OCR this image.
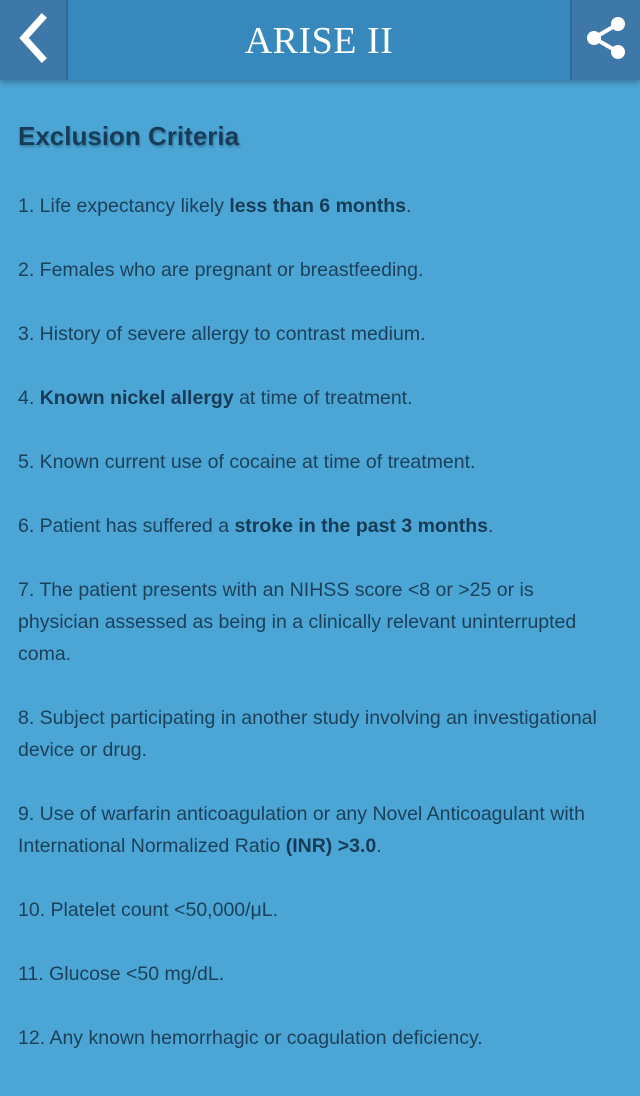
ARISE II
Exclusion Criteria

1. Life expectancy likely less than 6 months.

2. Females who are pregnant or breastfeeding.

3. History of severe allergy to contrast medium.

4. Known nickel allergy at time of treatment.

5. Known current use of cocaine at time of treatment.

6. Patient has suffered a stroke in the past 3 months.

7. The patient presents with an NIHSS score <8 or >25 or is physician assessed as being in a clinically relevant uninterrupted coma.

8. Subject participating in another study involving an investigational device or drug.

9. Use of warfarin anticoagulation or any Novel Anticoagulant with International Normalized Ratio (INR) >3.0.

10. Platelet count <50,000/μL.

11. Glucose <50 mg/dL.

12. Any known hemorrhagic or coagulation deficiency.
